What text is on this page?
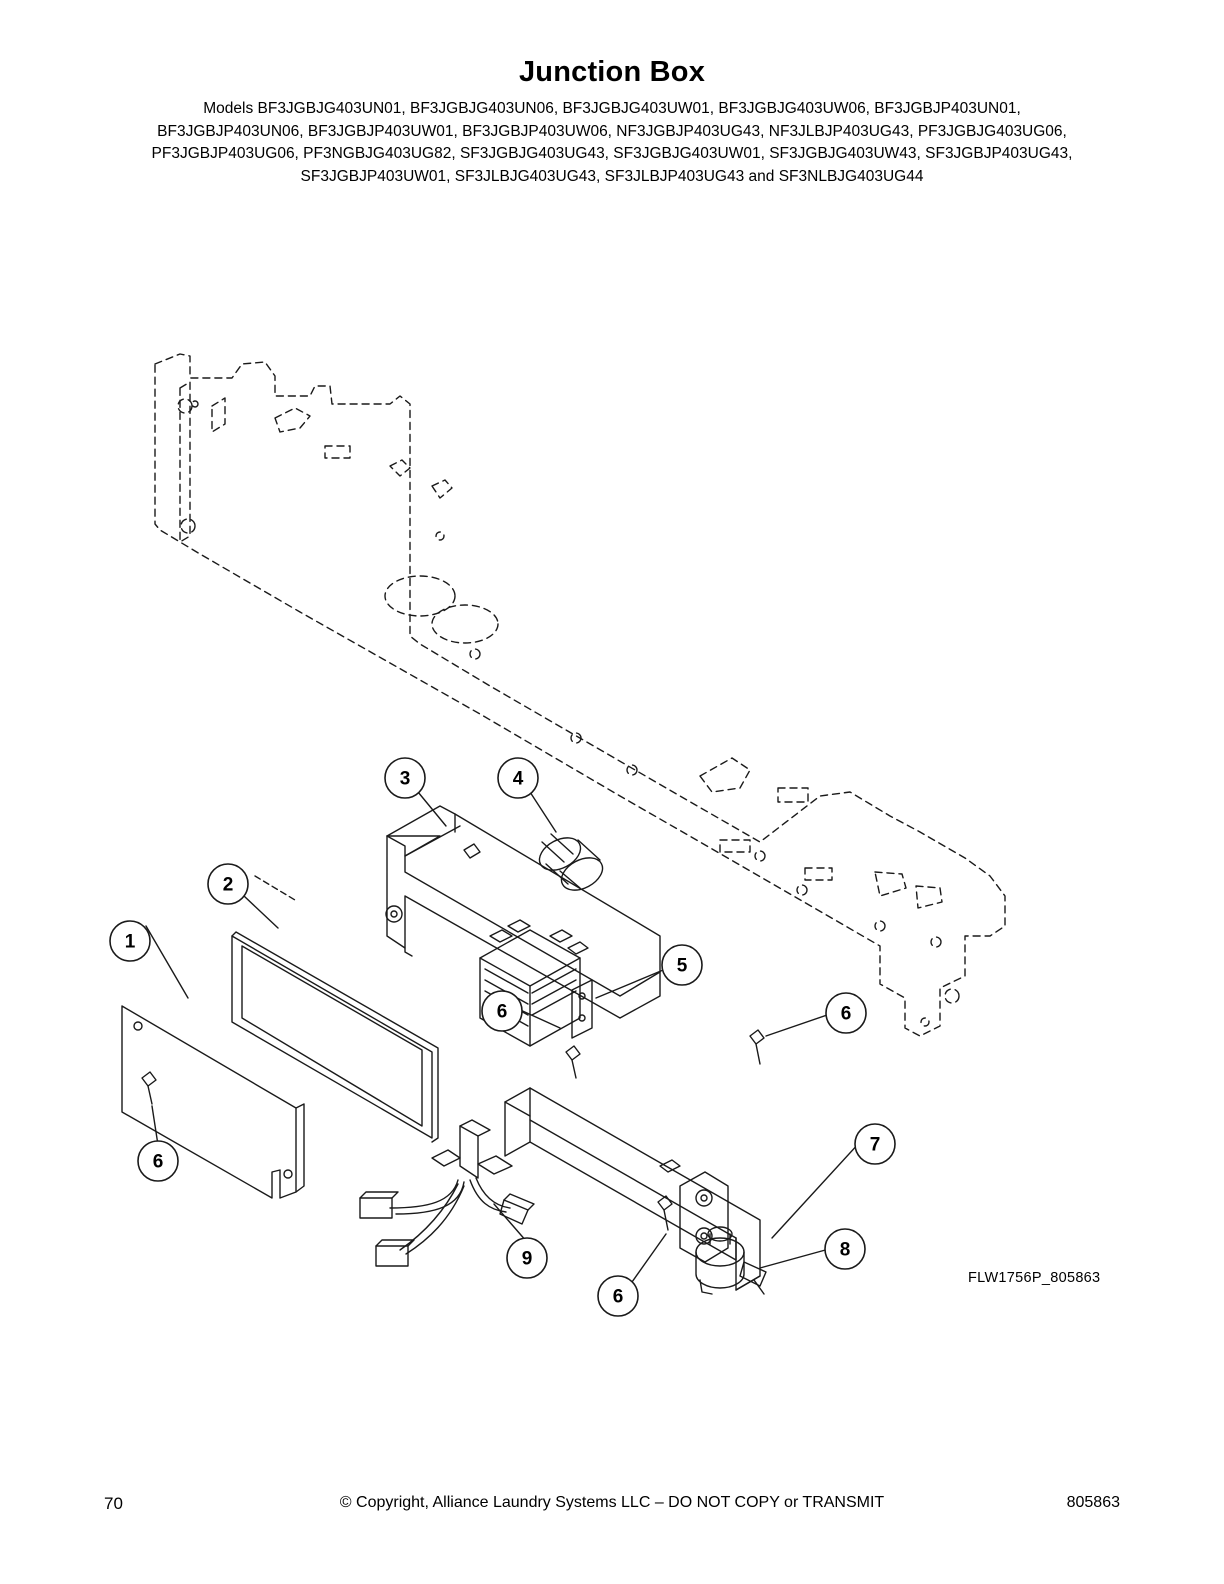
Junction Box
Models BF3JGBJG403UN01, BF3JGBJG403UN06, BF3JGBJG403UW01, BF3JGBJG403UW06, BF3JGBJP403UN01, BF3JGBJP403UN06, BF3JGBJP403UW01, BF3JGBJP403UW06, NF3JGBJP403UG43, NF3JLBJP403UG43, PF3JGBJG403UG06, PF3JGBJP403UG06, PF3NGBJG403UG82, SF3JGBJG403UG43, SF3JGBJG403UW01, SF3JGBJG403UW43, SF3JGBJP403UG43, SF3JGBJP403UW01, SF3JLBJG403UG43, SF3JLBJP403UG43 and SF3NLBJG403UG44
1
2
3	4
5
6
6	6
6
7
8
9
FLW1756P_805863
70	© Copyright, Alliance Laundry Systems LLC – DO NOT COPY or TRANSMIT	805863
